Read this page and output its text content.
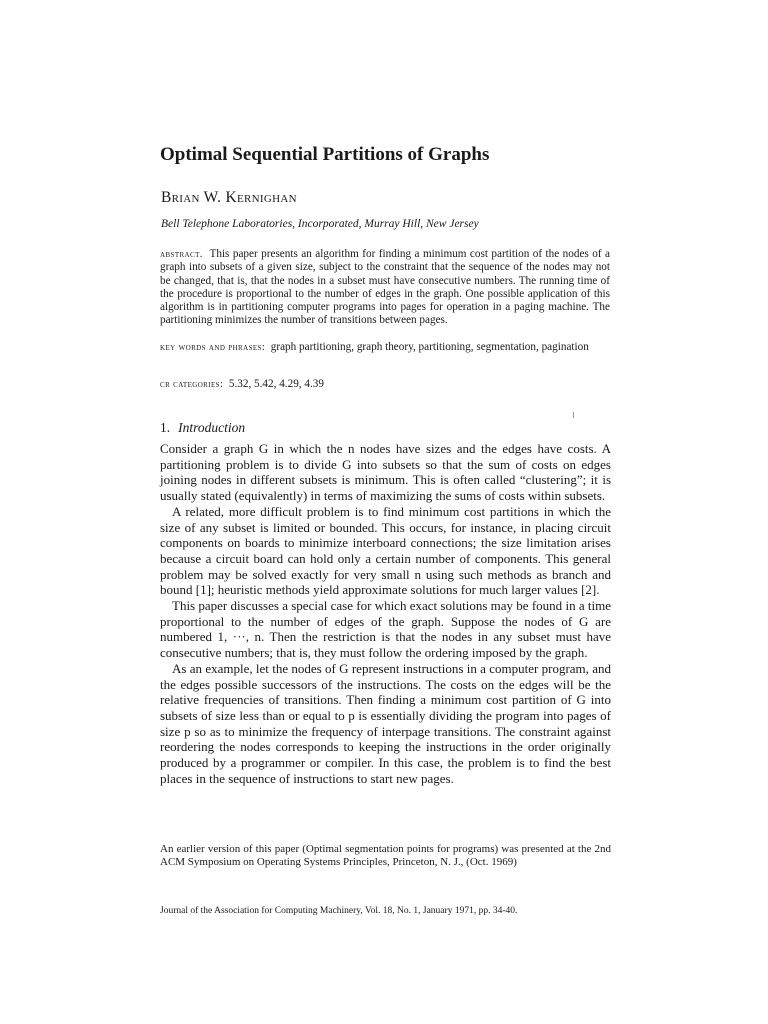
Optimal Sequential Partitions of Graphs
Brian W. Kernighan
Bell Telephone Laboratories, Incorporated, Murray Hill, New Jersey

abstract. This paper presents an algorithm for finding a minimum cost partition of the nodes of a graph into subsets of a given size, subject to the constraint that the sequence of the nodes may not be changed, that is, that the nodes in a subset must have consecutive numbers. The running time of the procedure is proportional to the number of edges in the graph. One possible application of this algorithm is in partitioning computer programs into pages for operation in a paging machine. The partitioning minimizes the number of transitions between pages.

key words and phrases: graph partitioning, graph theory, partitioning, segmentation, pagination

cr categories: 5.32, 5.42, 4.29, 4.39

1. Introduction

Consider a graph G in which the n nodes have sizes and the edges have costs. A partitioning problem is to divide G into subsets so that the sum of costs on edges joining nodes in different subsets is minimum. This is often called “clustering”; it is usually stated (equivalently) in terms of maximizing the sums of costs within subsets.

A related, more difficult problem is to find minimum cost partitions in which the size of any subset is limited or bounded. This occurs, for instance, in placing circuit components on boards to minimize interboard connections; the size limitation arises because a circuit board can hold only a certain number of components. This general problem may be solved exactly for very small n using such methods as branch and bound [1]; heuristic methods yield approximate solutions for much larger values [2].

This paper discusses a special case for which exact solutions may be found in a time proportional to the number of edges of the graph. Suppose the nodes of G are numbered 1, ···, n. Then the restriction is that the nodes in any subset must have consecutive numbers; that is, they must follow the ordering imposed by the graph.

As an example, let the nodes of G represent instructions in a computer program, and the edges possible successors of the instructions. The costs on the edges will be the relative frequencies of transitions. Then finding a minimum cost partition of G into subsets of size less than or equal to p is essentially dividing the program into pages of size p so as to minimize the frequency of interpage transitions. The constraint against reordering the nodes corresponds to keeping the instructions in the order originally produced by a programmer or compiler. In this case, the problem is to find the best places in the sequence of instructions to start new pages.

An earlier version of this paper (Optimal segmentation points for programs) was presented at the 2nd ACM Symposium on Operating Systems Principles, Princeton, N. J., (Oct. 1969)

Journal of the Association for Computing Machinery, Vol. 18, No. 1, January 1971, pp. 34-40.
